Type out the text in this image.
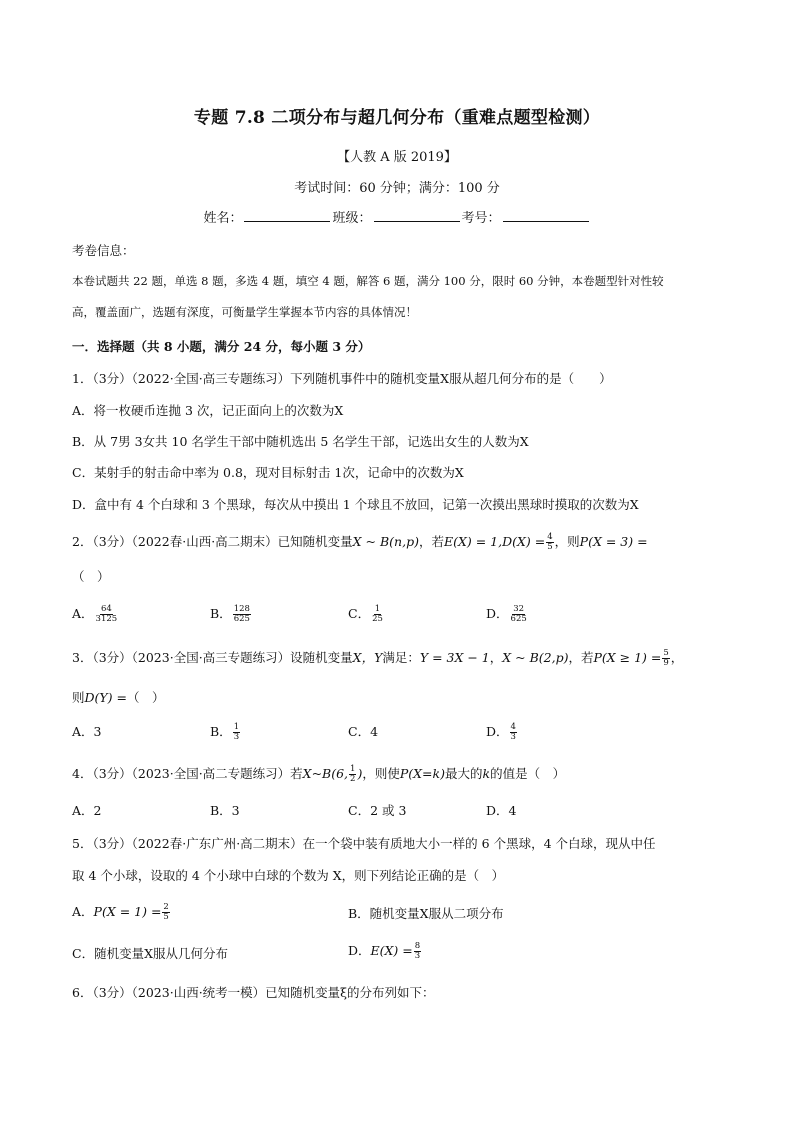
专题 7.8 二项分布与超几何分布（重难点题型检测）
【人教 A 版 2019】
考试时间：60 分钟；满分：100 分
姓名：	班级：	考号：
考卷信息：
本卷试题共 22 题，单选 8 题，多选 4 题，填空 4 题，解答 6 题，满分 100 分，限时 60 分钟，本卷题型针对性较
高，覆盖面广，选题有深度，可衡量学生掌握本节内容的具体情况！
一．选择题（共 8 小题，满分 24 分，每小题 3 分）
1．（3分）（2022·全国·高三专题练习）下列随机事件中的随机变量X服从超几何分布的是（　　）
A．将一枚硬币连抛 3 次，记正面向上的次数为X
B．从 7男 3女共 10 名学生干部中随机选出 5 名学生干部，记选出女生的人数为X
C．某射手的射击命中率为 0.8，现对目标射击 1次，记命中的次数为X
D．盒中有 4 个白球和 3 个黑球，每次从中摸出 1 个球且不放回，记第一次摸出黑球时摸取的次数为X
2．（3分）（2022春·山西·高二期末）已知随机变量X ~ B(n,p)，若$E(X) = 1,D(X) = \frac{4}{5}$ ，则P(X = 3) =
（　）
A． $\frac{64}{3125}$	B． $\frac{128}{625}$	C． $\frac{1}{25}$	D． $\frac{32}{625}$
3．（3分）（2023·全国·高三专题练习）设随机变量X，Y满足：Y = 3X − 1，X ~ B(2,p)，若$P(X \ge 1) = \frac{5}{9}$ ，
则D(Y) =（　）
A．3	B． $\frac{1}{3}$	C．4	D． $\frac{4}{3}$
4．（3分）（2023·全国·高二专题练习）若X~B(6, $\frac{1}{2}$ )，则使P(X=k)最大的k的值是（　）
A．2	B．3	C．2 或 3	D．4
5．（3分）（2022春·广东广州·高二期末）在一个袋中装有质地大小一样的 6 个黑球，4 个白球，现从中任
取 4 个小球，设取的 4 个小球中白球的个数为 X，则下列结论正确的是（　）
A．$P(X = 1) = \frac{2}{5}$	B．随机变量X服从二项分布
C．随机变量X服从几何分布	D．$E(X) = \frac{8}{3}$
6．（3分）（2023·山西·统考一模）已知随机变量ξ的分布列如下：
